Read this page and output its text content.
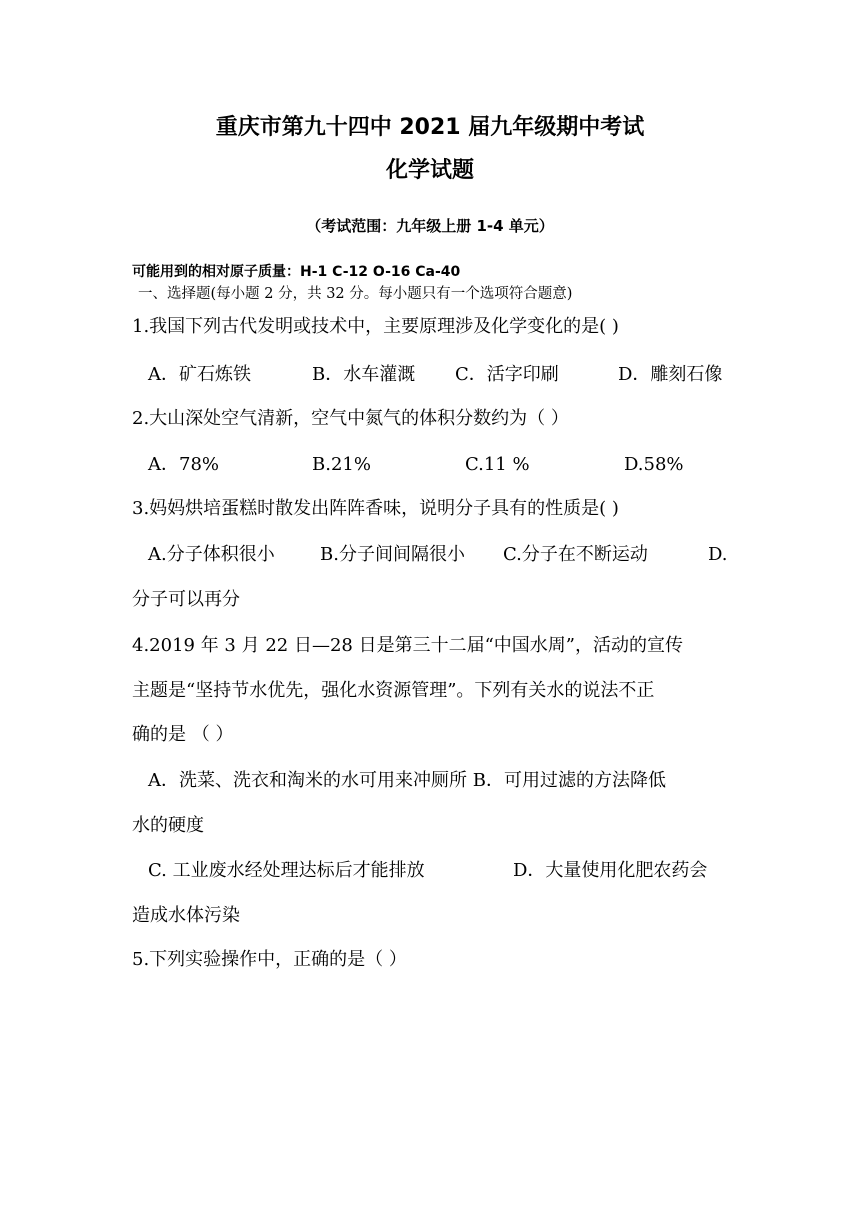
重庆市第九十四中 2021 届九年级期中考试
化学试题
（考试范围：九年级上册 1-4 单元）
可能用到的相对原子质量：H-1 C-12 O-16 Ca-40
一、选择题(每小题 2 分，共 32 分。每小题只有一个选项符合题意)
1.我国下列古代发明或技术中，主要原理涉及化学变化的是( )
A．矿石炼铁	B．水车灌溉 C．活字印刷	D．雕刻石像
2.大山深处空气清新，空气中氮气的体积分数约为（ ）
A．78%	B.21%	C.11 %	D.58%
3.妈妈烘培蛋糕时散发出阵阵香味，说明分子具有的性质是( )
A.分子体积很小	B.分子间间隔很小 C.分子在不断运动	D.
分子可以再分
4.2019 年 3 月 22 日—28 日是第三十二届“中国水周”，活动的宣传
主题是“坚持节水优先，强化水资源管理”。下列有关水的说法不正
确的是 （ ）
A．洗菜、洗衣和淘米的水可用来冲厕所 B．可用过滤的方法降低
水的硬度
C. 工业废水经处理达标后才能排放	D．大量使用化肥农药会
造成水体污染
5.下列实验操作中，正确的是（ ）
